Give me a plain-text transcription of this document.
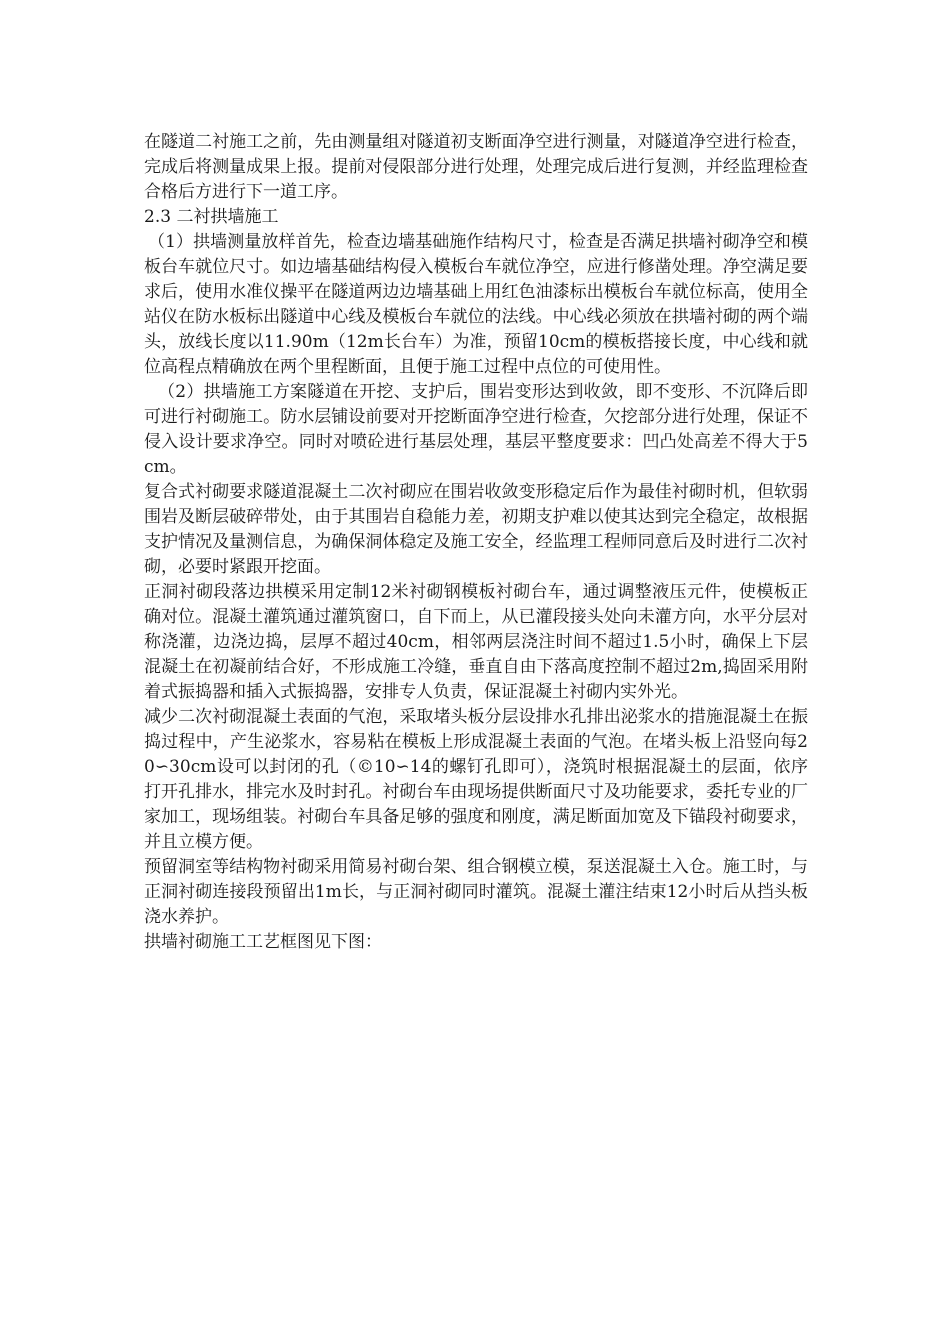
在隧道二衬施工之前，先由测量组对隧道初支断面净空进行测量，对隧道净空进行检查，完成后将测量成果上报。提前对侵限部分进行处理，处理完成后进行复测，并经监理检查合格后方进行下一道工序。

2.3 二衬拱墙施工

（1）拱墙测量放样首先，检查边墙基础施作结构尺寸，检查是否满足拱墙衬砌净空和模板台车就位尺寸。如边墙基础结构侵入模板台车就位净空，应进行修凿处理。净空满足要求后，使用水准仪操平在隧道两边边墙基础上用红色油漆标出模板台车就位标高，使用全站仪在防水板标出隧道中心线及模板台车就位的法线。中心线必须放在拱墙衬砌的两个端头，放线长度以11.90m（12m长台车）为准，预留10cm的模板搭接长度，中心线和就位高程点精确放在两个里程断面，且便于施工过程中点位的可使用性。

（2）拱墙施工方案隧道在开挖、支护后，围岩变形达到收敛，即不变形、不沉降后即可进行衬砌施工。防水层铺设前要对开挖断面净空进行检查，欠挖部分进行处理，保证不侵入设计要求净空。同时对喷砼进行基层处理，基层平整度要求：凹凸处高差不得大于5cm。

复合式衬砌要求隧道混凝土二次衬砌应在围岩收敛变形稳定后作为最佳衬砌时机，但软弱围岩及断层破碎带处，由于其围岩自稳能力差，初期支护难以使其达到完全稳定，故根据支护情况及量测信息，为确保洞体稳定及施工安全，经监理工程师同意后及时进行二次衬砌，必要时紧跟开挖面。

正洞衬砌段落边拱模采用定制12米衬砌钢模板衬砌台车，通过调整液压元件，使模板正确对位。混凝土灌筑通过灌筑窗口，自下而上，从已灌段接头处向未灌方向，水平分层对称浇灌，边浇边捣，层厚不超过40cm，相邻两层浇注时间不超过1.5小时，确保上下层混凝土在初凝前结合好，不形成施工冷缝，垂直自由下落高度控制不超过2m,捣固采用附着式振捣器和插入式振捣器，安排专人负责，保证混凝土衬砌内实外光。

减少二次衬砌混凝土表面的气泡，采取堵头板分层设排水孔排出泌浆水的措施混凝土在振捣过程中，产生泌浆水，容易粘在模板上形成混凝土表面的气泡。在堵头板上沿竖向每20∽30cm设可以封闭的孔（©10∽14的螺钉孔即可），浇筑时根据混凝土的层面，依序打开孔排水，排完水及时封孔。衬砌台车由现场提供断面尺寸及功能要求，委托专业的厂家加工，现场组装。衬砌台车具备足够的强度和刚度，满足断面加宽及下锚段衬砌要求，并且立模方便。

预留洞室等结构物衬砌采用简易衬砌台架、组合钢模立模，泵送混凝土入仓。施工时，与正洞衬砌连接段预留出1m长，与正洞衬砌同时灌筑。混凝土灌注结束12小时后从挡头板浇水养护。

拱墙衬砌施工工艺框图见下图：
